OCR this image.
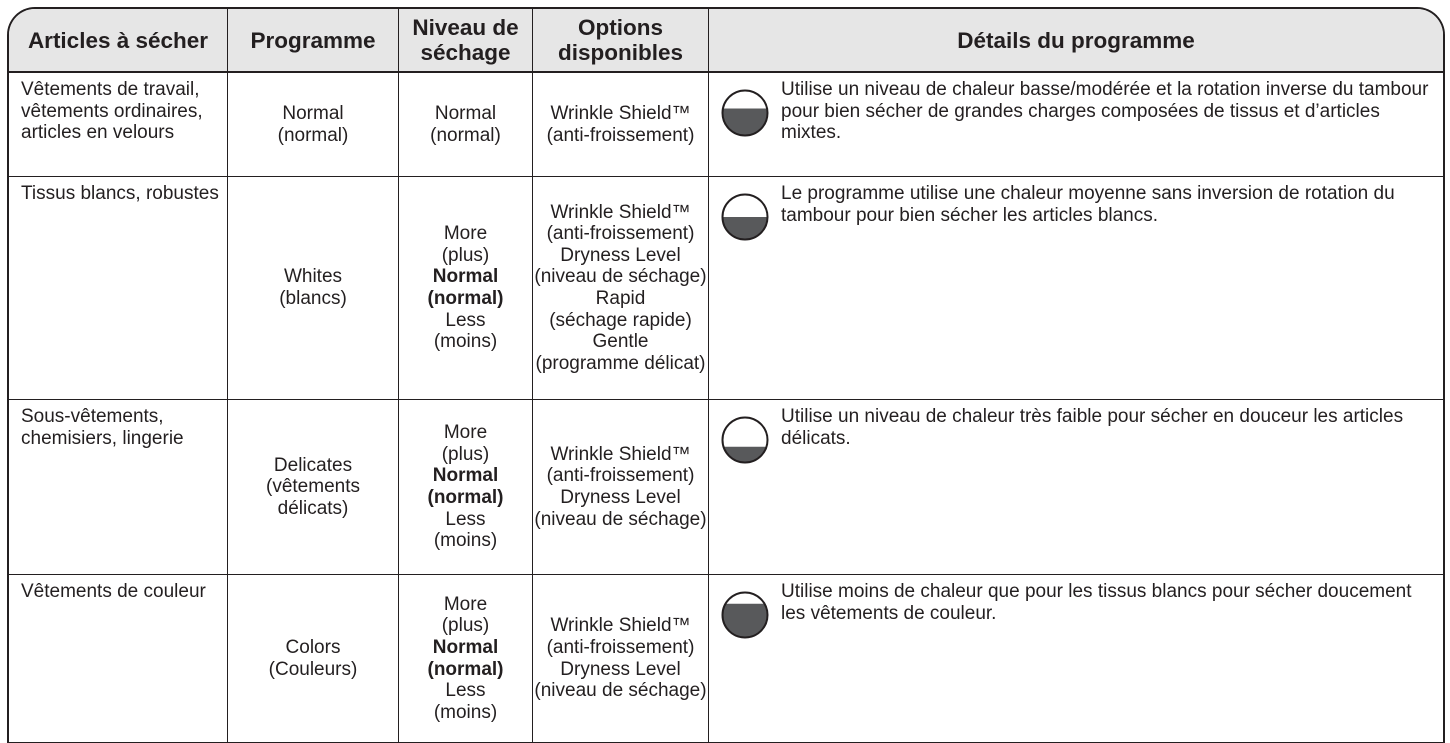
Articles à sécher Programme	Niveau de séchage
Options disponibles	Détails du programme
Vêtements de travail, vêtements ordinaires, articles en velours
Normal
(normal)
Normal
(normal)
Wrinkle Shield™
(anti-froissement)
Utilise un niveau de chaleur basse/modérée et la rotation inverse du tambour pour bien sécher de grandes charges composées de tissus et d’articles mixtes.
Tissus blancs, robustes
Whites
(blancs)
More
(plus)
Normal
(normal)
Less
(moins)
Wrinkle Shield™
(anti-froissement)
Dryness Level
(niveau de séchage)
Rapid
(séchage rapide)
Gentle
(programme délicat)
Le programme utilise une chaleur moyenne sans inversion de rotation du tambour pour bien sécher les articles blancs.
Sous-vêtements, chemisiers, lingerie
Delicates
(vêtements
délicats)
More
(plus)
Normal
(normal)
Less
(moins)
Wrinkle Shield™
(anti-froissement)
Dryness Level
(niveau de séchage)
Utilise un niveau de chaleur très faible pour sécher en douceur les articles délicats.
Vêtements de couleur
Colors
(Couleurs)
More
(plus)
Normal
(normal)
Less
(moins)
Wrinkle Shield™
(anti-froissement)
Dryness Level
(niveau de séchage)
Utilise moins de chaleur que pour les tissus blancs pour sécher doucement les vêtements de couleur.
